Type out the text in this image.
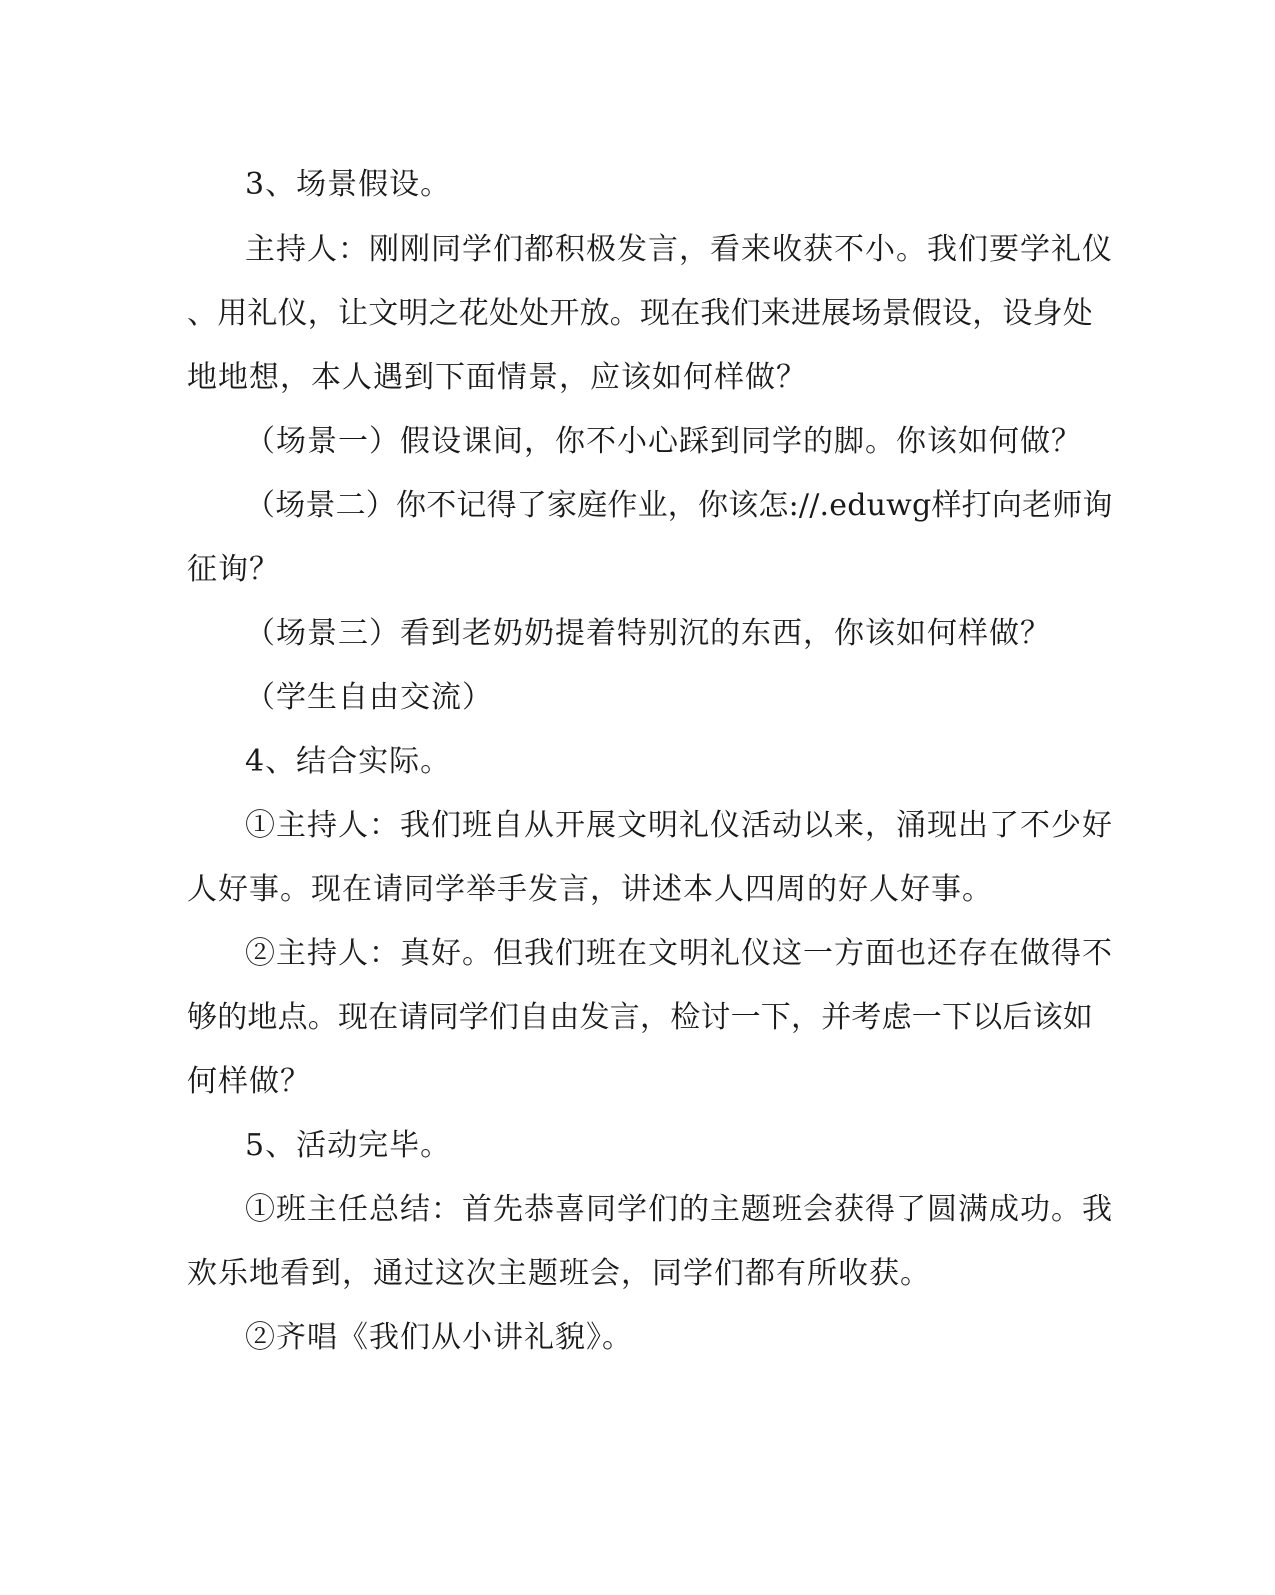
3、场景假设。
主持人：刚刚同学们都积极发言，看来收获不小。我们要学礼仪
、用礼仪，让文明之花处处开放。现在我们来进展场景假设，设身处
地地想，本人遇到下面情景，应该如何样做？
（场景一）假设课间，你不小心踩到同学的脚。你该如何做？
（场景二）你不记得了家庭作业，你该怎://.eduwg样打向老师询
征询？
（场景三）看到老奶奶提着特别沉的东西，你该如何样做？
（学生自由交流）
4、结合实际。
①主持人：我们班自从开展文明礼仪活动以来，涌现出了不少好
人好事。现在请同学举手发言，讲述本人四周的好人好事。
②主持人：真好。但我们班在文明礼仪这一方面也还存在做得不
够的地点。现在请同学们自由发言，检讨一下，并考虑一下以后该如
何样做？
5、活动完毕。
①班主任总结：首先恭喜同学们的主题班会获得了圆满成功。我
欢乐地看到，通过这次主题班会，同学们都有所收获。
②齐唱《我们从小讲礼貌》。
